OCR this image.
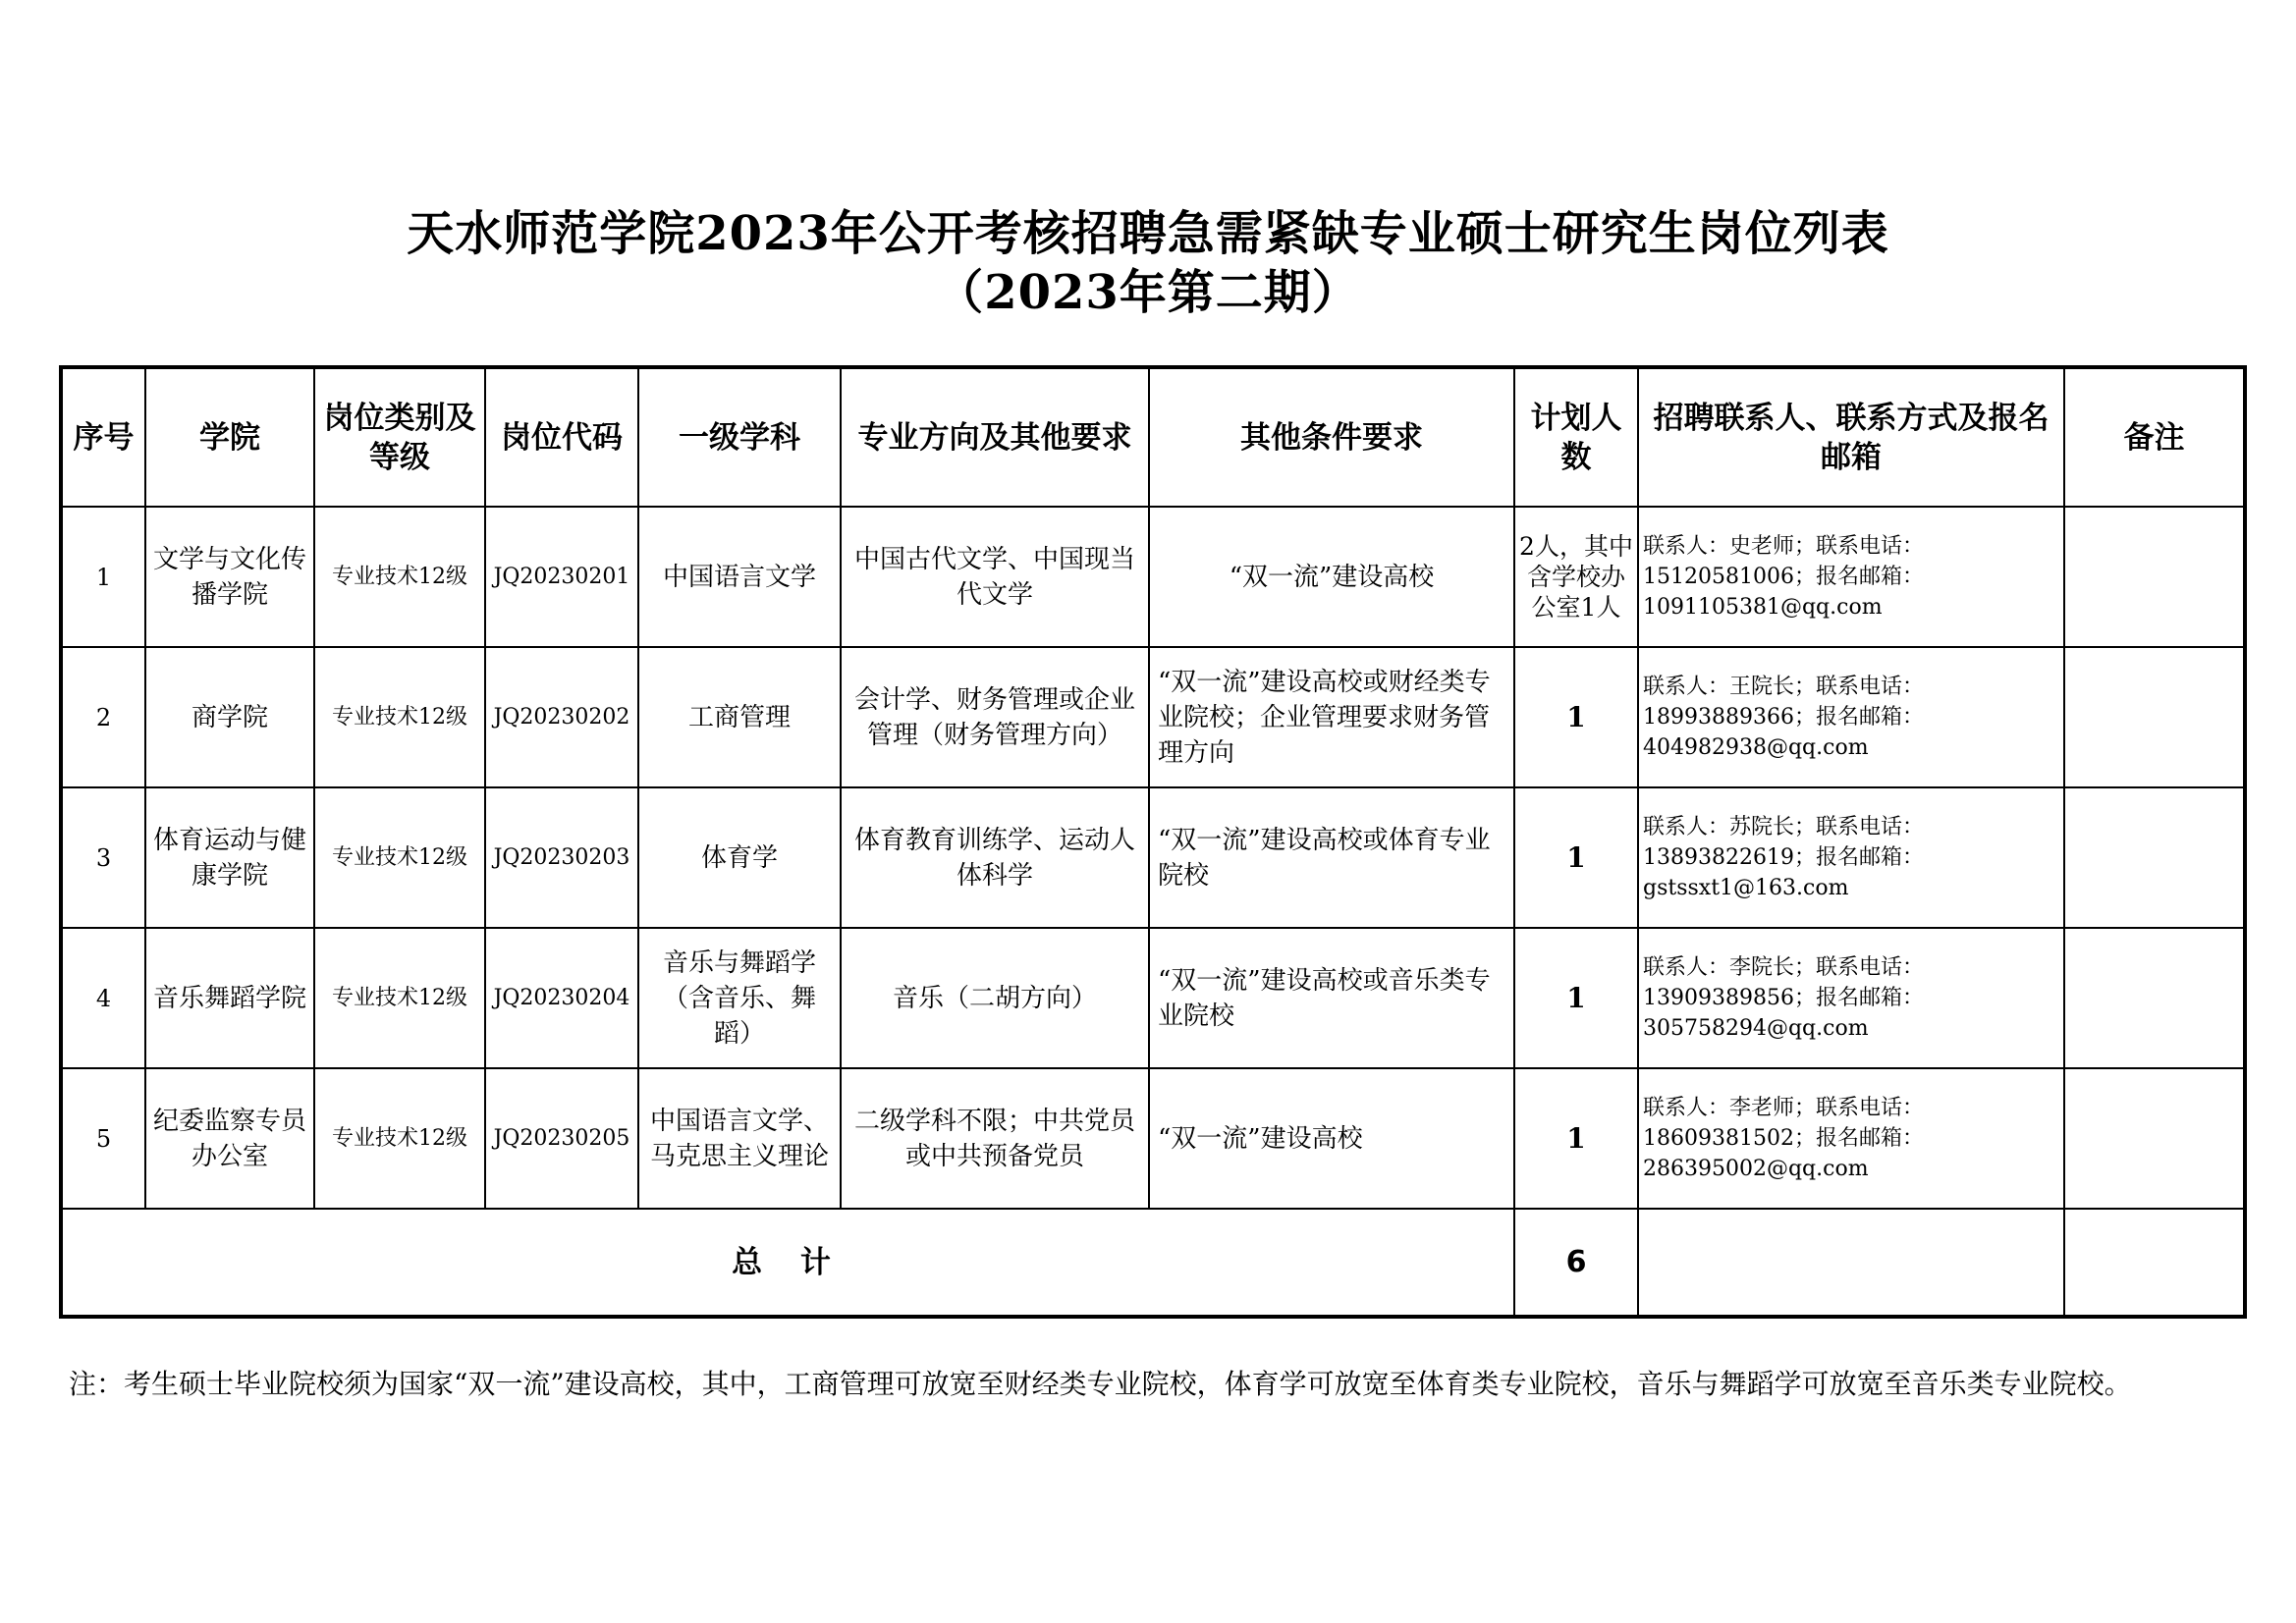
天水师范学院2023年公开考核招聘急需紧缺专业硕士研究生岗位列表
（2023年第二期）
序号	学院	岗位类别及等级	岗位代码	一级学科	专业方向及其他要求	其他条件要求	计划人数	招聘联系人、联系方式及报名邮箱	备注
1	文学与文化传播学院	专业技术12级	JQ20230201	中国语言文学	中国古代文学、中国现当代文学	“双一流”建设高校	2人，其中含学校办公室1人	联系人：史老师；联系电话：15120581006；报名邮箱：1091105381@qq.com	
2	商学院	专业技术12级	JQ20230202	工商管理	会计学、财务管理或企业管理（财务管理方向）	“双一流”建设高校或财经类专业院校；企业管理要求财务管理方向	1	联系人：王院长；联系电话：18993889366；报名邮箱：404982938@qq.com	
3	体育运动与健康学院	专业技术12级	JQ20230203	体育学	体育教育训练学、运动人体科学	“双一流”建设高校或体育专业院校	1	联系人：苏院长；联系电话：13893822619；报名邮箱：gstssxt1@163.com	
4	音乐舞蹈学院	专业技术12级	JQ20230204	音乐与舞蹈学（含音乐、舞蹈）	音乐（二胡方向）	“双一流”建设高校或音乐类专业院校	1	联系人：李院长；联系电话：13909389856；报名邮箱：305758294@qq.com	
5	纪委监察专员办公室	专业技术12级	JQ20230205	中国语言文学、马克思主义理论	二级学科不限；中共党员或中共预备党员	“双一流”建设高校	1	联系人：李老师；联系电话：18609381502；报名邮箱：286395002@qq.com	
总 计							6		
注：考生硕士毕业院校须为国家“双一流”建设高校，其中，工商管理可放宽至财经类专业院校，体育学可放宽至体育类专业院校，音乐与舞蹈学可放宽至音乐类专业院校。
